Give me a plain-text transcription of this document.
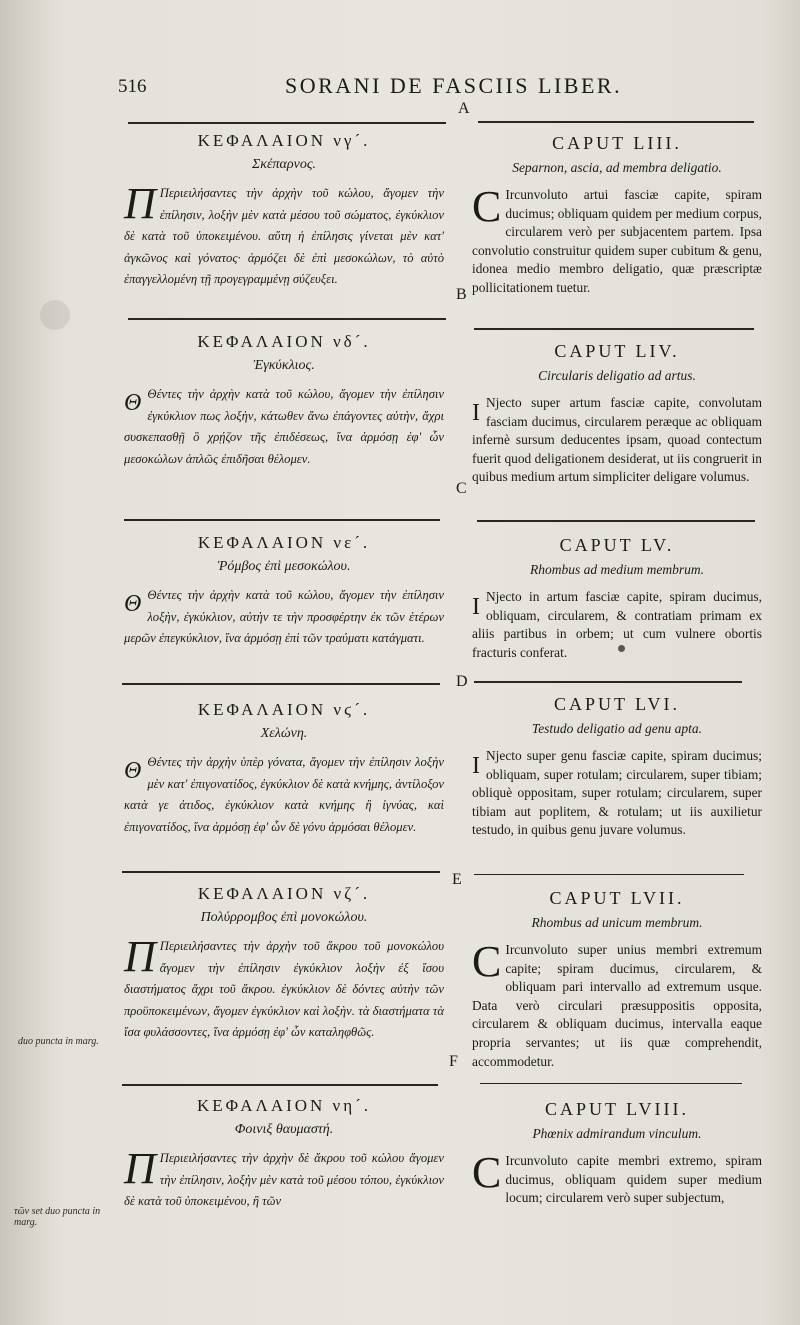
516	SORANI DE FASCIIS LIBER.
A
B
C
D
E
F
ΚΕΦΑΛΑΙΟΝ νγ´.
Σκέπαρνος.
Π Περιειλήσαντες τὴν ἀρχὴν τοῦ κώλου, ἄγομεν τὴν ἐπίλησιν, λοξὴν μὲν κατὰ μέσου τοῦ σώματος, ἐγκύκλιον δὲ κατὰ τοῦ ὑποκειμένου. αὕτη ἡ ἐπίλησις γίνεται μὲν κατ' ἀγκῶνος καὶ γόνατος· ἁρμόζει δὲ ἐπὶ μεσοκώλων, τὸ αὐτὸ ἐπαγγελλομένη τῇ προγεγραμμένῃ σύζευξει.
ΚΕΦΑΛΑΙΟΝ νδ´.
Ἐγκύκλιος.
Θ Θέντες τὴν ἀρχὴν κατὰ τοῦ κώλου, ἄγομεν τὴν ἐπίλησιν ἐγκύκλιον πως λοξὴν, κάτωθεν ἄνω ἐπάγοντες αὐτὴν, ἄχρι συσκεπασθῇ ὃ χρῄζον τῆς ἐπιδέσεως, ἵνα ἁρμόσῃ ἐφ' ὧν μεσοκώλων ἁπλῶς ἐπιδῆσαι θέλομεν.
ΚΕΦΑΛΑΙΟΝ νε´.
Ῥόμβος ἐπὶ μεσοκώλου.
Θ Θέντες τὴν ἀρχὴν κατὰ τοῦ κώλου, ἄγομεν τὴν ἐπίλησιν λοξὴν, ἐγκύκλιον, αὐτὴν τε τὴν προσφέρτην ἐκ τῶν ἑτέρων μερῶν ἐπεγκύκλιον, ἵνα ἁρμόσῃ ἐπὶ τῶν τραύματι κατάγματι.
ΚΕΦΑΛΑΙΟΝ νϛ´.
Χελώνη.
Θ Θέντες τὴν ἀρχὴν ὑπὲρ γόνατα, ἄγομεν τὴν ἐπίλησιν λοξὴν μὲν κατ' ἐπιγονατίδος, ἐγκύκλιον δὲ κατὰ κνήμης, ἀντίλοξον κατὰ γε ἀτιδος, ἐγκύκλιον κατὰ κνήμης ἢ ἰγνύας, καὶ ἐπιγονατίδος, ἵνα ἁρμόσῃ ἐφ' ὧν δὲ γόνυ ἁρμόσαι θέλομεν.
ΚΕΦΑΛΑΙΟΝ νζ´.
Πολύρρομβος ἐπὶ μονοκώλου.
Π Περιειλήσαντες τὴν ἀρχὴν τοῦ ἄκρου τοῦ μονοκώλου ἄγομεν τὴν ἐπίλησιν ἐγκύκλιον λοξὴν ἐξ ἴσου διαστήματος ἄχρι τοῦ ἄκρου. ἐγκύκλιον δὲ δόντες αὐτὴν τῶν προϋποκειμένων, ἄγομεν ἐγκύκλιον καὶ λοξὴν. τὰ διαστήματα τὰ ἴσα φυλάσσοντες, ἵνα ἁρμόσῃ ἐφ' ὧν καταληφθῶς.
ΚΕΦΑΛΑΙΟΝ νη´.
Φοινιξ θαυμαστή.
Π Περιειλήσαντες τὴν ἀρχὴν δὲ ἄκρου τοῦ κώλου ἄγομεν τὴν ἐπίλησιν, λοξὴν μὲν κατὰ τοῦ μέσου τόπου, ἐγκύκλιον δὲ κατὰ τοῦ ὑποκειμένου, ἢ τῶν
CAPUT LIII.
Separnon, ascia, ad membra deligatio.
C Ircunvoluto artui fasciæ capite, spiram ducimus; obliquam quidem per medium corpus, circularem verò per subjacentem partem. Ipsa convolutio construitur quidem super cubitum & genu, idonea medio membro deligatio, quæ præscriptæ pollicitationem tuetur.
CAPUT LIV.
Circularis deligatio ad artus.
I Njecto super artum fasciæ capite, convolutam fasciam ducimus, circularem peræque ac obliquam infernè sursum deducentes ipsam, quoad contectum fuerit quod deligationem desiderat, ut iis congruerit in quibus medium artum simpliciter deligare volumus.
CAPUT LV.
Rhombus ad medium membrum.
I Njecto in artum fasciæ capite, spiram ducimus, obliquam, circularem, & contratiam primam ex aliis partibus in orbem; ut cum vulnere obortis fracturis conferat.
CAPUT LVI.
Testudo deligatio ad genu apta.
I Njecto super genu fasciæ capite, spiram ducimus; obliquam, super rotulam; circularem, super tibiam; obliquè oppositam, super rotulam; circularem, super tibiam aut poplitem, & rotulam; ut iis auxilietur testudo, in quibus genu juvare volumus.
CAPUT LVII.
Rhombus ad unicum membrum.
C Ircunvoluto super unius membri extremum capite; spiram ducimus, circularem, & obliquam pari intervallo ad extremum usque. Data verò circulari præsuppositis opposita, circularem & obliquam ducimus, intervalla eaque propria servantes; ut iis quæ comprehendit, accommodetur.
CAPUT LVIII.
Phœnix admirandum vinculum.
C Ircunvoluto capite membri extremo, spiram ducimus, obliquam quidem super medium locum; circularem verò super subjectum,
duo puncta in marg.
τῶν set duo puncta in marg.
